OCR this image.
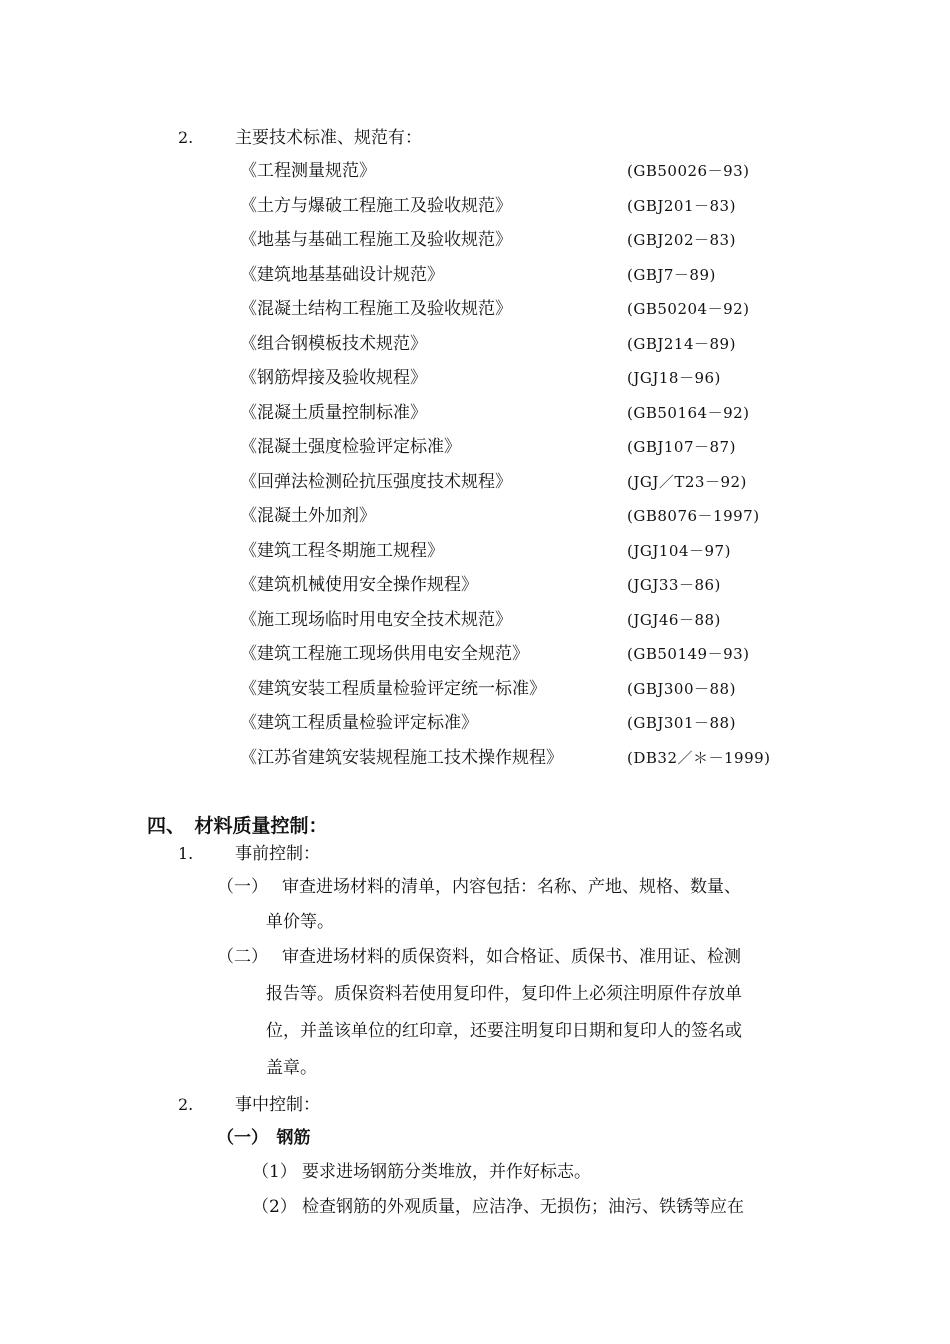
2. 主要技术标准、规范有：
《工程测量规范》	(GB50026－93)
《土方与爆破工程施工及验收规范》	(GBJ201－83)
《地基与基础工程施工及验收规范》	(GBJ202－83)
《建筑地基基础设计规范》	(GBJ7－89)
《混凝土结构工程施工及验收规范》	(GB50204－92)
《组合钢模板技术规范》	(GBJ214－89)
《钢筋焊接及验收规程》	(JGJ18－96)
《混凝土质量控制标准》	(GB50164－92)
《混凝土强度检验评定标准》	(GBJ107－87)
《回弹法检测砼抗压强度技术规程》	(JGJ／T23－92)
《混凝土外加剂》	(GB8076－1997)
《建筑工程冬期施工规程》	(JGJ104－97)
《建筑机械使用安全操作规程》	(JGJ33－86)
《施工现场临时用电安全技术规范》	(JGJ46－88)
《建筑工程施工现场供用电安全规范》	(GB50149－93)
《建筑安装工程质量检验评定统一标准》	(GBJ300－88)
《建筑工程质量检验评定标准》	(GBJ301－88)
《江苏省建筑安装规程施工技术操作规程》	(DB32／＊－1999)
四、　材料质量控制：
1. 事前控制：
（一） 审查进场材料的清单，内容包括：名称、产地、规格、数量、
单价等。
（二） 审查进场材料的质保资料，如合格证、质保书、准用证、检测
报告等。质保资料若使用复印件，复印件上必须注明原件存放单
位，并盖该单位的红印章，还要注明复印日期和复印人的签名或
盖章。
2. 事中控制：
（一）　钢筋
（1） 要求进场钢筋分类堆放，并作好标志。
（2） 检查钢筋的外观质量，应洁净、无损伤；油污、铁锈等应在
